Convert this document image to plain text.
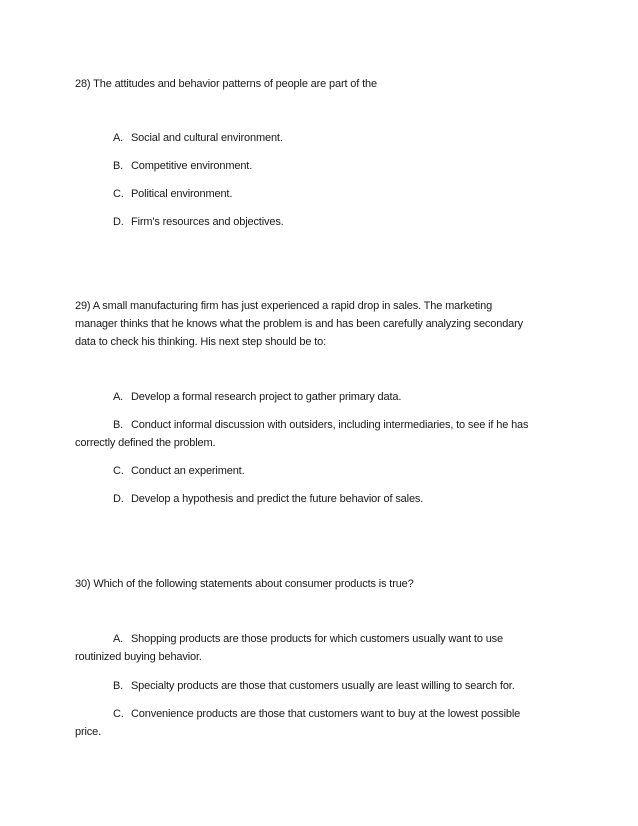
28) The attitudes and behavior patterns of people are part of the
A. Social and cultural environment.
B. Competitive environment.
C. Political environment.
D. Firm's resources and objectives.
29) A small manufacturing firm has just experienced a rapid drop in sales. The marketing
manager thinks that he knows what the problem is and has been carefully analyzing secondary
data to check his thinking. His next step should be to:
A. Develop a formal research project to gather primary data.
B. Conduct informal discussion with outsiders, including intermediaries, to see if he has
correctly defined the problem.
C. Conduct an experiment.
D. Develop a hypothesis and predict the future behavior of sales.
30) Which of the following statements about consumer products is true?
A. Shopping products are those products for which customers usually want to use
routinized buying behavior.
B. Specialty products are those that customers usually are least willing to search for.
C. Convenience products are those that customers want to buy at the lowest possible
price.
